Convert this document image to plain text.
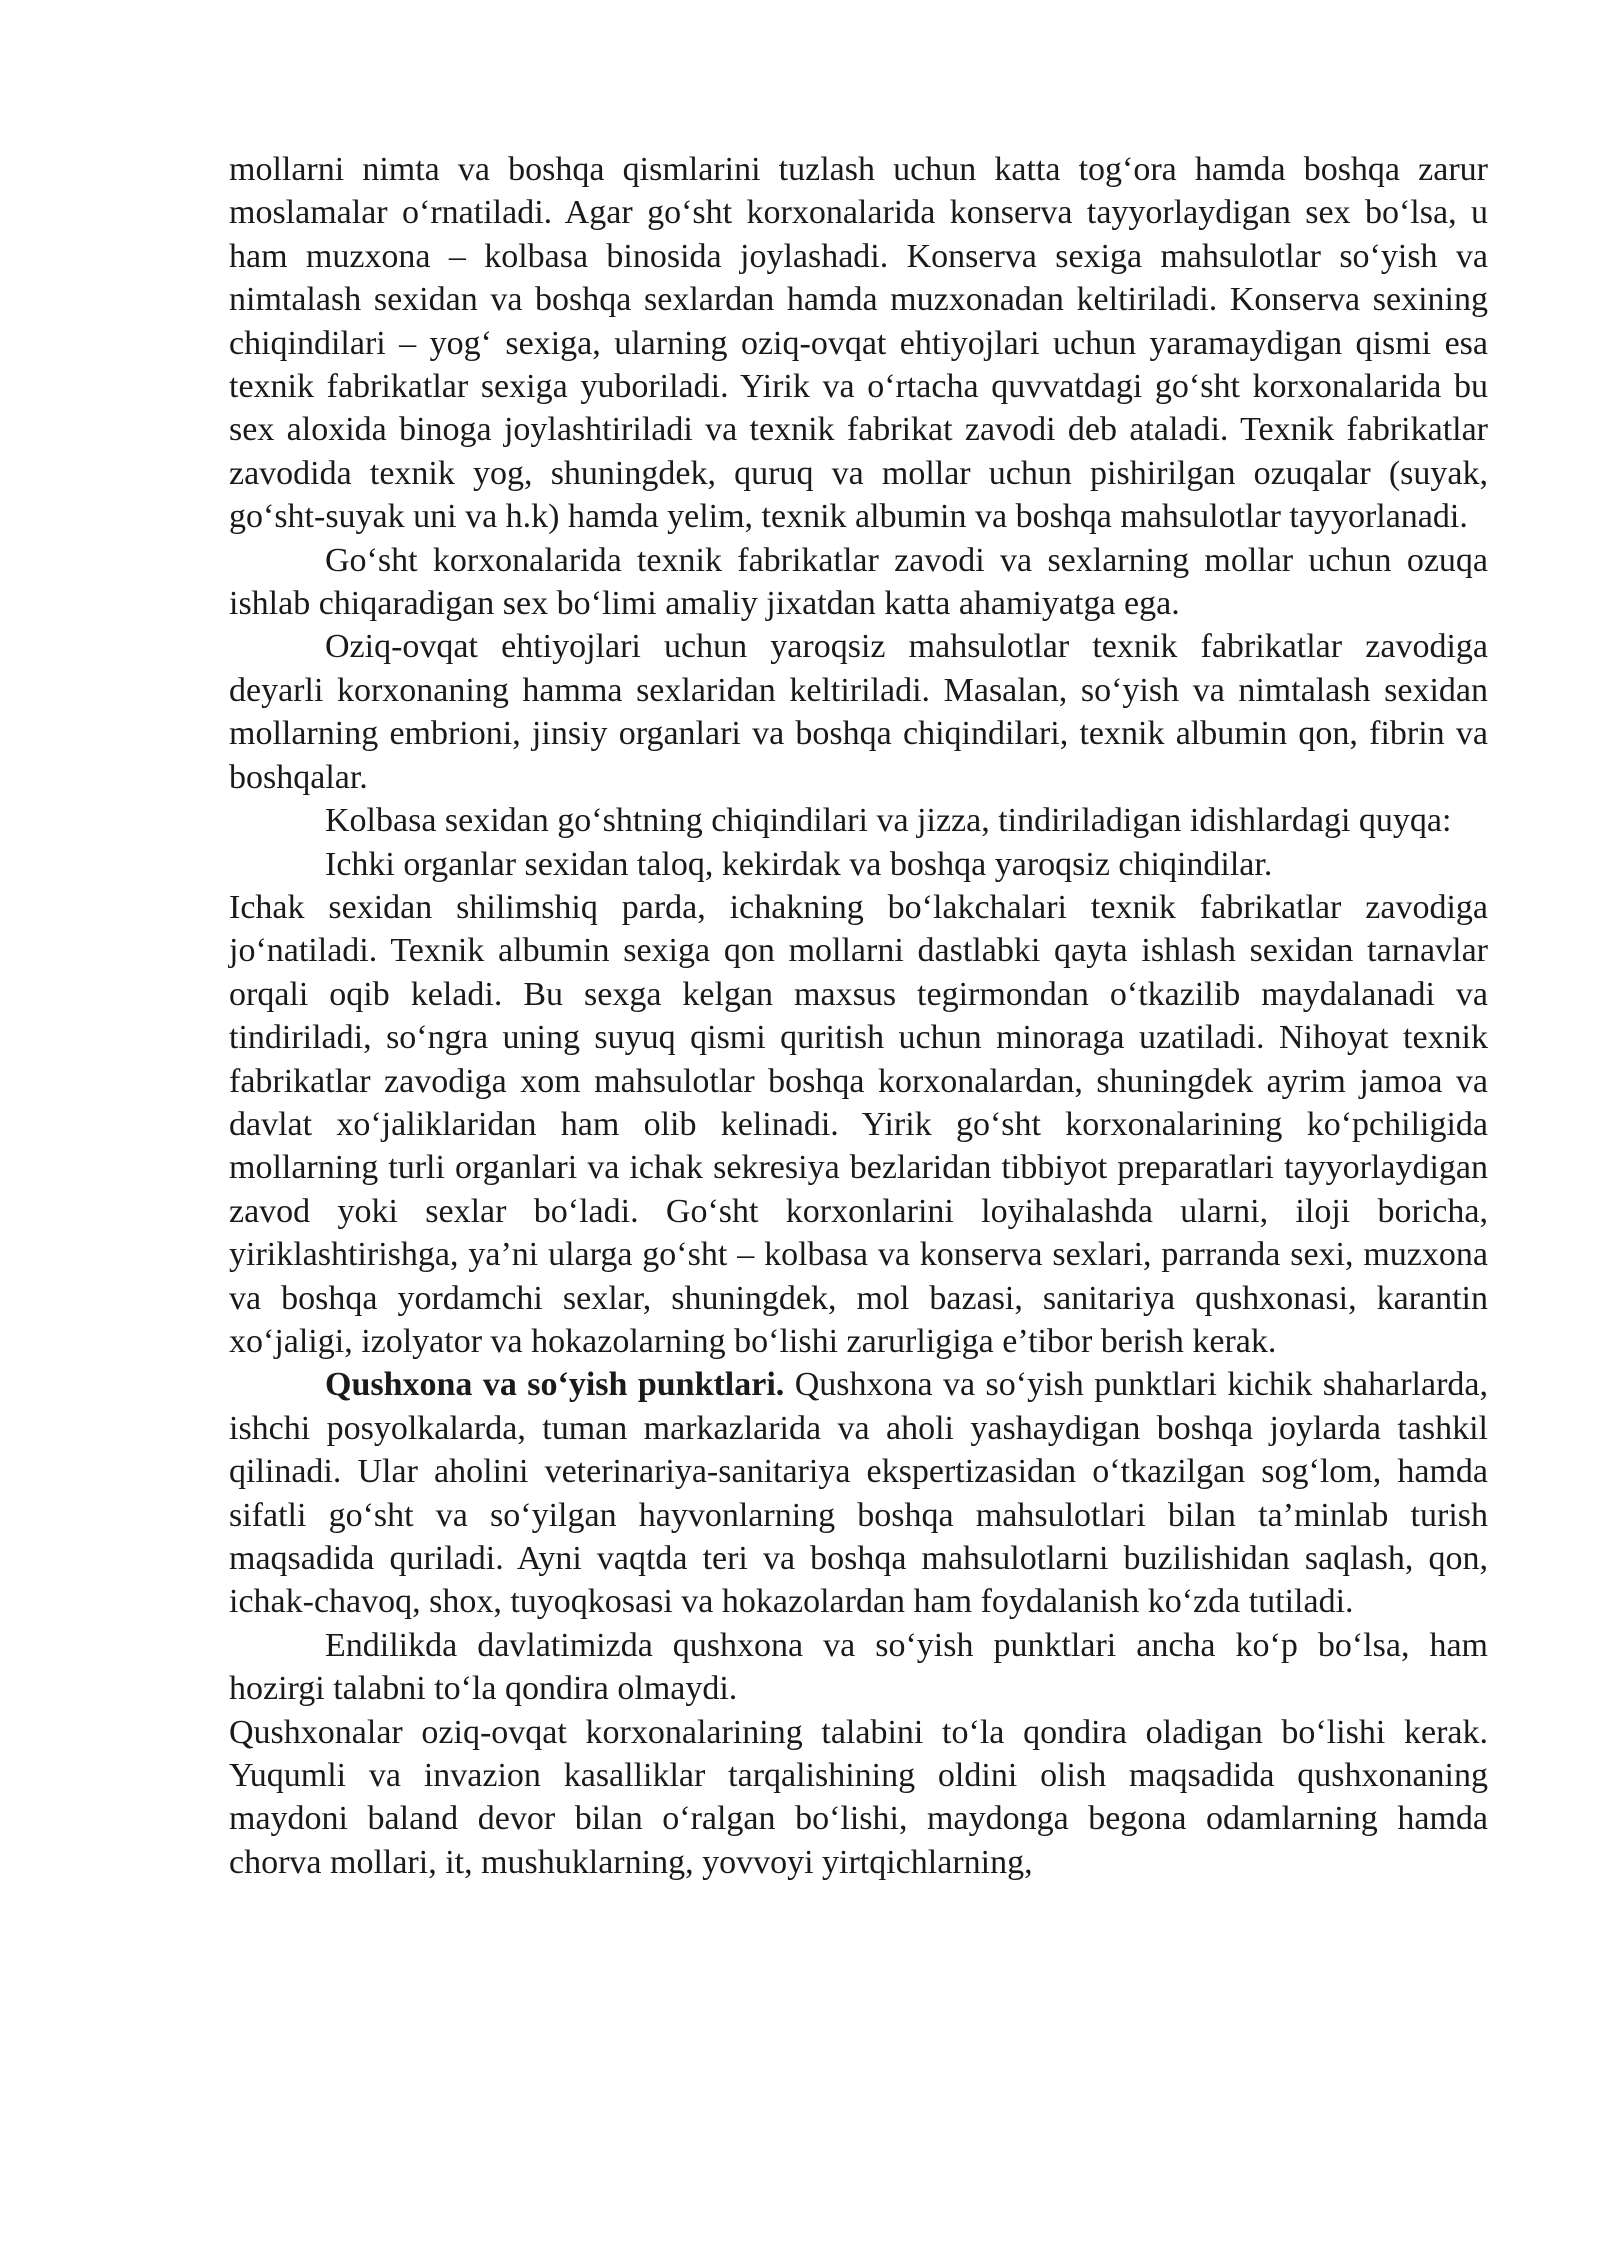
mollarni nimta va boshqa qismlarini tuzlash uchun katta tog‘ora hamda boshqa zarur moslamalar o‘rnatiladi. Agar go‘sht korxonalarida konserva tayyorlaydigan sex bo‘lsa, u ham muzxona – kolbasa binosida joylashadi. Konserva sexiga mahsulotlar so‘yish va nimtalash sexidan va boshqa sexlardan hamda muzxonadan keltiriladi. Konserva sexining chiqindilari – yog‘ sexiga, ularning oziq-ovqat ehtiyojlari uchun yaramaydigan qismi esa texnik fabrikatlar sexiga yuboriladi. Yirik va o‘rtacha quvvatdagi go‘sht korxonalarida bu sex aloxida binoga joylashtiriladi va texnik fabrikat zavodi deb ataladi. Texnik fabrikatlar zavodida texnik yog, shuningdek, quruq va mollar uchun pishirilgan ozuqalar (suyak, go‘sht-suyak uni va h.k) hamda yelim, texnik albumin va boshqa mahsulotlar tayyorlanadi.

Go‘sht korxonalarida texnik fabrikatlar zavodi va sexlarning mollar uchun ozuqa ishlab chiqaradigan sex bo‘limi amaliy jixatdan katta ahamiyatga ega.

Oziq-ovqat ehtiyojlari uchun yaroqsiz mahsulotlar texnik fabrikatlar zavodiga deyarli korxonaning hamma sexlaridan keltiriladi. Masalan, so‘yish va nimtalash sexidan mollarning embrioni, jinsiy organlari va boshqa chiqindilari, texnik albumin qon, fibrin va boshqalar.

Kolbasa sexidan go‘shtning chiqindilari va jizza, tindiriladigan idishlardagi quyqa:

Ichki organlar sexidan taloq, kekirdak va boshqa yaroqsiz chiqindilar.

Ichak sexidan shilimshiq parda, ichakning bo‘lakchalari texnik fabrikatlar zavodiga jo‘natiladi. Texnik albumin sexiga qon mollarni dastlabki qayta ishlash sexidan tarnavlar orqali oqib keladi. Bu sexga kelgan maxsus tegirmondan o‘tkazilib maydalanadi va tindiriladi, so‘ngra uning suyuq qismi quritish uchun minoraga uzatiladi. Nihoyat texnik fabrikatlar zavodiga xom mahsulotlar boshqa korxonalardan, shuningdek ayrim jamoa va davlat xo‘jaliklaridan ham olib kelinadi. Yirik go‘sht korxonalarining ko‘pchiligida mollarning turli organlari va ichak sekresiya bezlaridan tibbiyot preparatlari tayyorlaydigan zavod yoki sexlar bo‘ladi. Go‘sht korxonlarini loyihalashda ularni, iloji boricha, yiriklashtirishga, ya’ni ularga go‘sht – kolbasa va konserva sexlari, parranda sexi, muzxona va boshqa yordamchi sexlar, shuningdek, mol bazasi, sanitariya qushxonasi, karantin xo‘jaligi, izolyator va hokazolarning bo‘lishi zarurligiga e’tibor berish kerak.

Qushxona va so‘yish punktlari. Qushxona va so‘yish punktlari kichik shaharlarda, ishchi posyolkalarda, tuman markazlarida va aholi yashaydigan boshqa joylarda tashkil qilinadi. Ular aholini veterinariya-sanitariya ekspertizasidan o‘tkazilgan sog‘lom, hamda sifatli go‘sht va so‘yilgan hayvonlarning boshqa mahsulotlari bilan ta’minlab turish maqsadida quriladi. Ayni vaqtda teri va boshqa mahsulotlarni buzilishidan saqlash, qon, ichak-chavoq, shox, tuyoqkosasi va hokazolardan ham foydalanish ko‘zda tutiladi.

Endilikda davlatimizda qushxona va so‘yish punktlari ancha ko‘p bo‘lsa, ham hozirgi talabni to‘la qondira olmaydi.

Qushxonalar oziq-ovqat korxonalarining talabini to‘la qondira oladigan bo‘lishi kerak. Yuqumli va invazion kasalliklar tarqalishining oldini olish maqsadida qushxonaning maydoni baland devor bilan o‘ralgan bo‘lishi, maydonga begona odamlarning hamda chorva mollari, it, mushuklarning, yovvoyi yirtqichlarning,
